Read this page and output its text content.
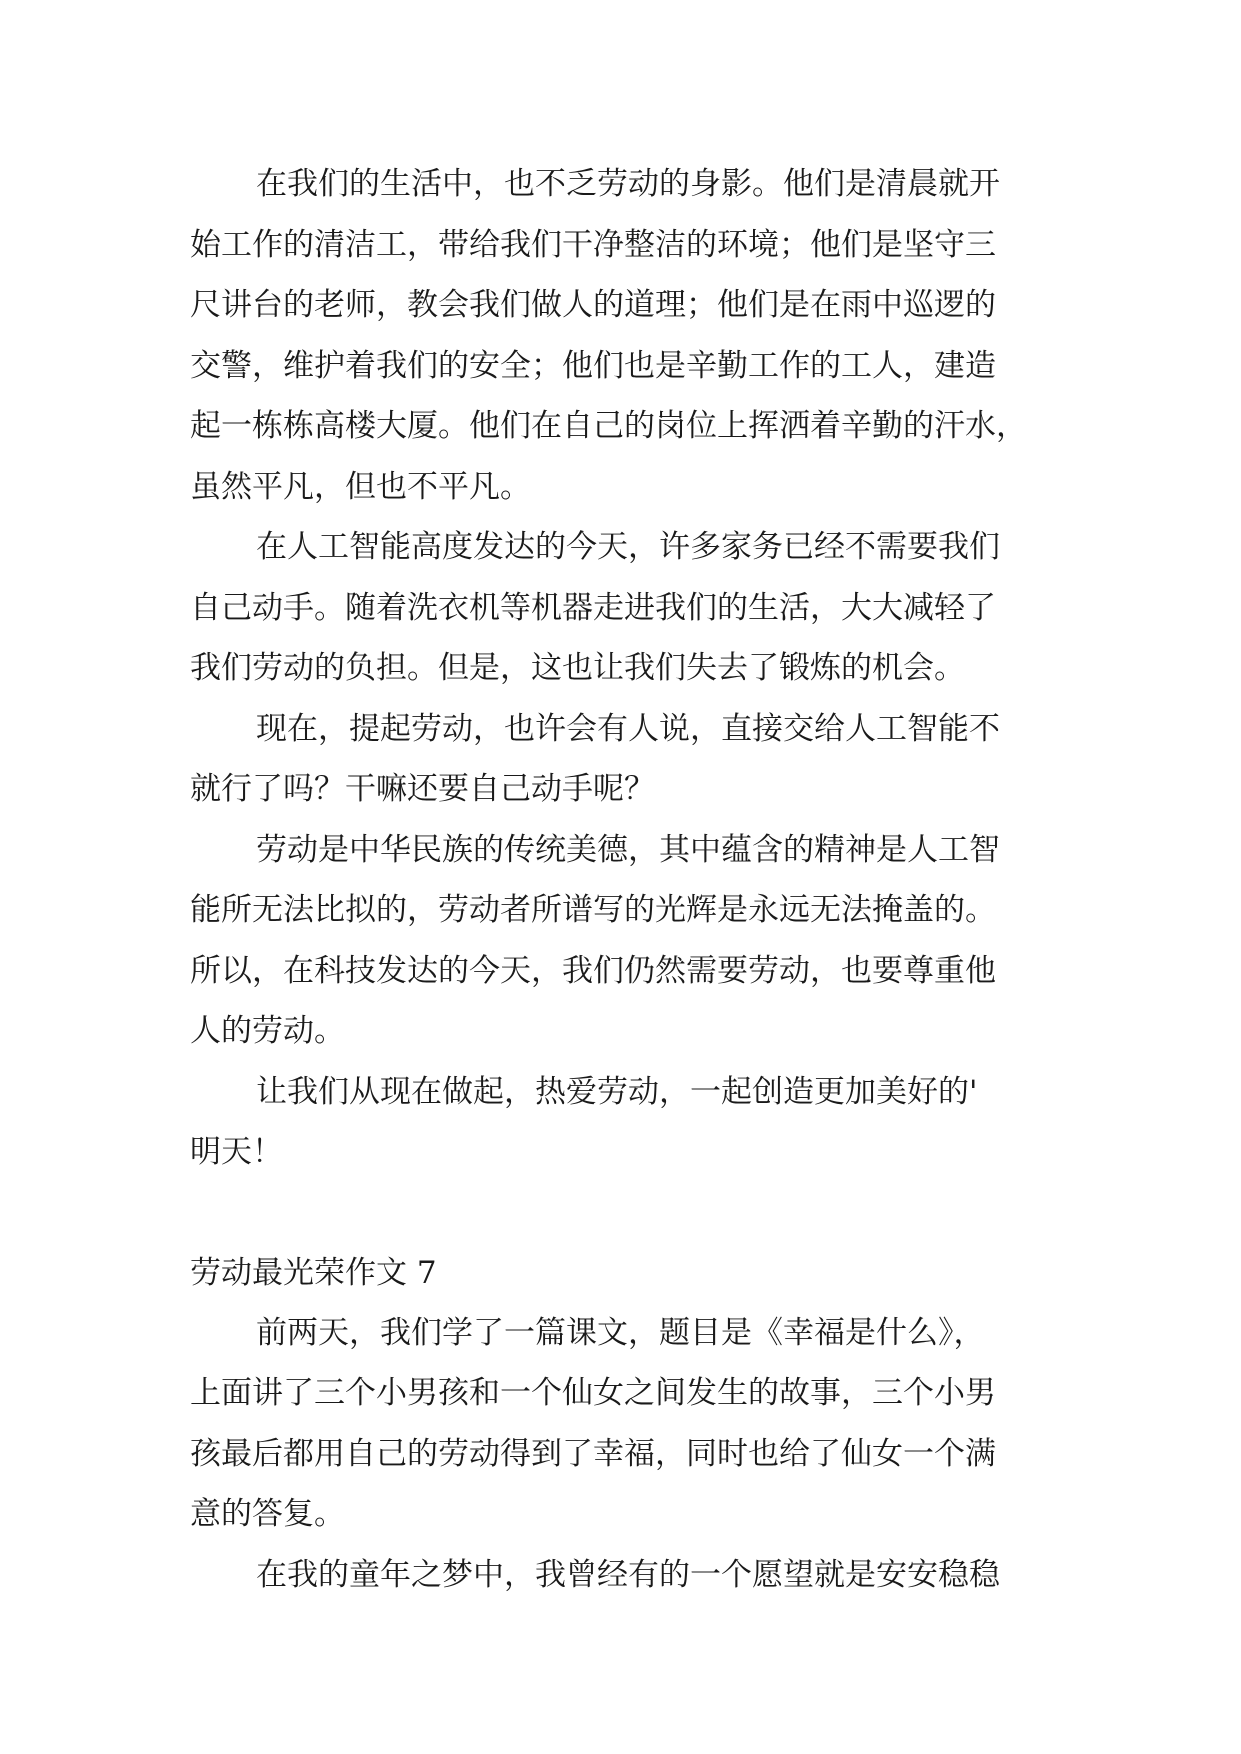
在我们的生活中，也不乏劳动的身影。他们是清晨就开
始工作的清洁工，带给我们干净整洁的环境；他们是坚守三
尺讲台的老师，教会我们做人的道理；他们是在雨中巡逻的
交警，维护着我们的安全；他们也是辛勤工作的工人，建造
起一栋栋高楼大厦。他们在自己的岗位上挥洒着辛勤的汗水，
虽然平凡，但也不平凡。
在人工智能高度发达的今天，许多家务已经不需要我们
自己动手。随着洗衣机等机器走进我们的生活，大大减轻了
我们劳动的负担。但是，这也让我们失去了锻炼的机会。
现在，提起劳动，也许会有人说，直接交给人工智能不
就行了吗？干嘛还要自己动手呢？
劳动是中华民族的传统美德，其中蕴含的精神是人工智
能所无法比拟的，劳动者所谱写的光辉是永远无法掩盖的。
所以，在科技发达的今天，我们仍然需要劳动，也要尊重他
人的劳动。
让我们从现在做起，热爱劳动，一起创造更加美好的'
明天！
劳动最光荣作文 7
前两天，我们学了一篇课文，题目是《幸福是什么》，
上面讲了三个小男孩和一个仙女之间发生的故事，三个小男
孩最后都用自己的劳动得到了幸福，同时也给了仙女一个满
意的答复。
在我的童年之梦中，我曾经有的一个愿望就是安安稳稳
